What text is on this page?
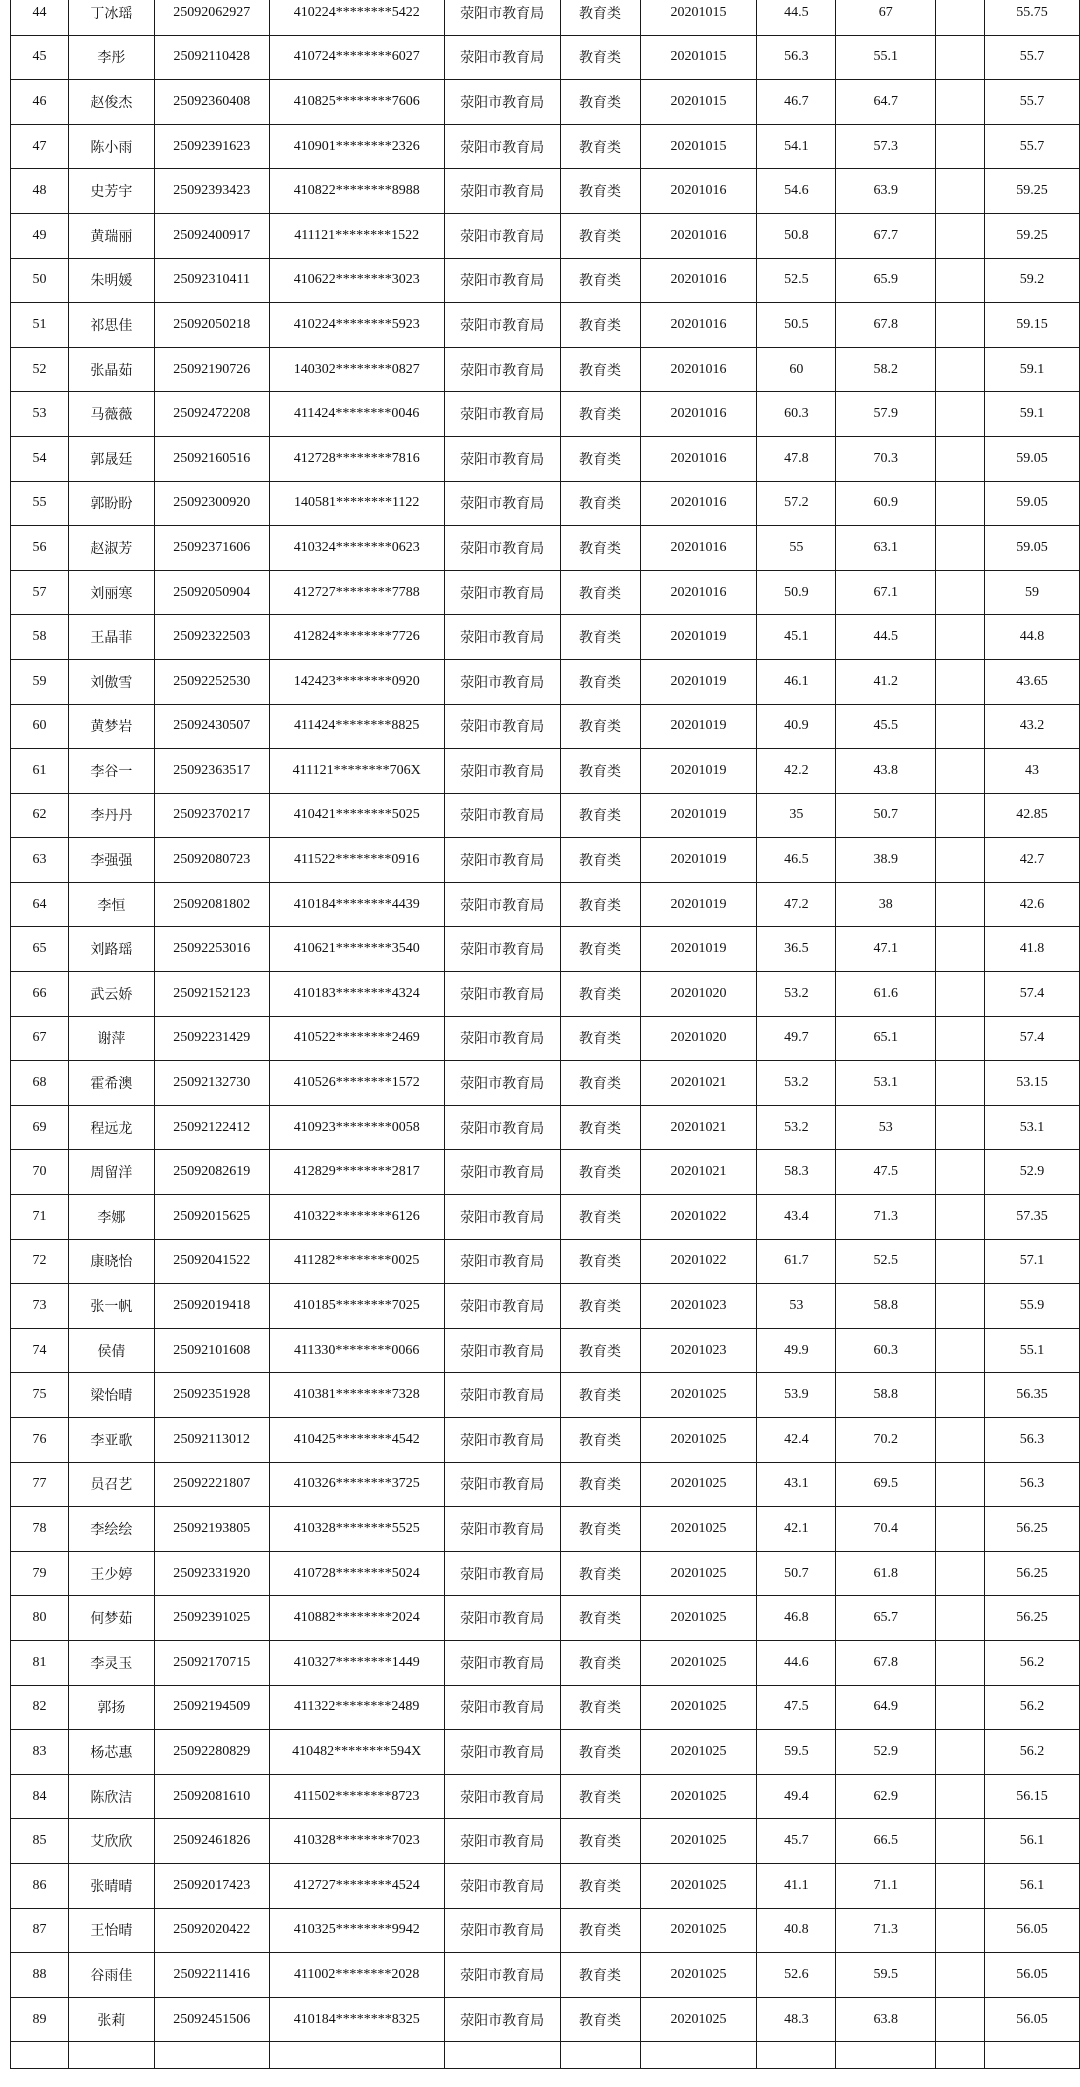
44	丁冰瑶	25092062927	410224********5422	荥阳市教育局	教育类	20201015	44.5	67		55.75
45	李彤	25092110428	410724********6027	荥阳市教育局	教育类	20201015	56.3	55.1		55.7
46	赵俊杰	25092360408	410825********7606	荥阳市教育局	教育类	20201015	46.7	64.7		55.7
47	陈小雨	25092391623	410901********2326	荥阳市教育局	教育类	20201015	54.1	57.3		55.7
48	史芳宇	25092393423	410822********8988	荥阳市教育局	教育类	20201016	54.6	63.9		59.25
49	黄瑞丽	25092400917	411121********1522	荥阳市教育局	教育类	20201016	50.8	67.7		59.25
50	朱明媛	25092310411	410622********3023	荥阳市教育局	教育类	20201016	52.5	65.9		59.2
51	祁思佳	25092050218	410224********5923	荥阳市教育局	教育类	20201016	50.5	67.8		59.15
52	张晶茹	25092190726	140302********0827	荥阳市教育局	教育类	20201016	60	58.2		59.1
53	马薇薇	25092472208	411424********0046	荥阳市教育局	教育类	20201016	60.3	57.9		59.1
54	郭晟廷	25092160516	412728********7816	荥阳市教育局	教育类	20201016	47.8	70.3		59.05
55	郭盼盼	25092300920	140581********1122	荥阳市教育局	教育类	20201016	57.2	60.9		59.05
56	赵淑芳	25092371606	410324********0623	荥阳市教育局	教育类	20201016	55	63.1		59.05
57	刘丽寒	25092050904	412727********7788	荥阳市教育局	教育类	20201016	50.9	67.1		59
58	王晶菲	25092322503	412824********7726	荥阳市教育局	教育类	20201019	45.1	44.5		44.8
59	刘傲雪	25092252530	142423********0920	荥阳市教育局	教育类	20201019	46.1	41.2		43.65
60	黄梦岩	25092430507	411424********8825	荥阳市教育局	教育类	20201019	40.9	45.5		43.2
61	李谷一	25092363517	411121********706X	荥阳市教育局	教育类	20201019	42.2	43.8		43
62	李丹丹	25092370217	410421********5025	荥阳市教育局	教育类	20201019	35	50.7		42.85
63	李强强	25092080723	411522********0916	荥阳市教育局	教育类	20201019	46.5	38.9		42.7
64	李恒	25092081802	410184********4439	荥阳市教育局	教育类	20201019	47.2	38		42.6
65	刘路瑶	25092253016	410621********3540	荥阳市教育局	教育类	20201019	36.5	47.1		41.8
66	武云娇	25092152123	410183********4324	荥阳市教育局	教育类	20201020	53.2	61.6		57.4
67	谢萍	25092231429	410522********2469	荥阳市教育局	教育类	20201020	49.7	65.1		57.4
68	霍希澳	25092132730	410526********1572	荥阳市教育局	教育类	20201021	53.2	53.1		53.15
69	程远龙	25092122412	410923********0058	荥阳市教育局	教育类	20201021	53.2	53		53.1
70	周留洋	25092082619	412829********2817	荥阳市教育局	教育类	20201021	58.3	47.5		52.9
71	李娜	25092015625	410322********6126	荥阳市教育局	教育类	20201022	43.4	71.3		57.35
72	康晓怡	25092041522	411282********0025	荥阳市教育局	教育类	20201022	61.7	52.5		57.1
73	张一帆	25092019418	410185********7025	荥阳市教育局	教育类	20201023	53	58.8		55.9
74	侯倩	25092101608	411330********0066	荥阳市教育局	教育类	20201023	49.9	60.3		55.1
75	梁怡晴	25092351928	410381********7328	荥阳市教育局	教育类	20201025	53.9	58.8		56.35
76	李亚歌	25092113012	410425********4542	荥阳市教育局	教育类	20201025	42.4	70.2		56.3
77	员召艺	25092221807	410326********3725	荥阳市教育局	教育类	20201025	43.1	69.5		56.3
78	李绘绘	25092193805	410328********5525	荥阳市教育局	教育类	20201025	42.1	70.4		56.25
79	王少婷	25092331920	410728********5024	荥阳市教育局	教育类	20201025	50.7	61.8		56.25
80	何梦茹	25092391025	410882********2024	荥阳市教育局	教育类	20201025	46.8	65.7		56.25
81	李灵玉	25092170715	410327********1449	荥阳市教育局	教育类	20201025	44.6	67.8		56.2
82	郭扬	25092194509	411322********2489	荥阳市教育局	教育类	20201025	47.5	64.9		56.2
83	杨芯惠	25092280829	410482********594X	荥阳市教育局	教育类	20201025	59.5	52.9		56.2
84	陈欣洁	25092081610	411502********8723	荥阳市教育局	教育类	20201025	49.4	62.9		56.15
85	艾欣欣	25092461826	410328********7023	荥阳市教育局	教育类	20201025	45.7	66.5		56.1
86	张晴晴	25092017423	412727********4524	荥阳市教育局	教育类	20201025	41.1	71.1		56.1
87	王怡晴	25092020422	410325********9942	荥阳市教育局	教育类	20201025	40.8	71.3		56.05
88	谷雨佳	25092211416	411002********2028	荥阳市教育局	教育类	20201025	52.6	59.5		56.05
89	张莉	25092451506	410184********8325	荥阳市教育局	教育类	20201025	48.3	63.8		56.05
